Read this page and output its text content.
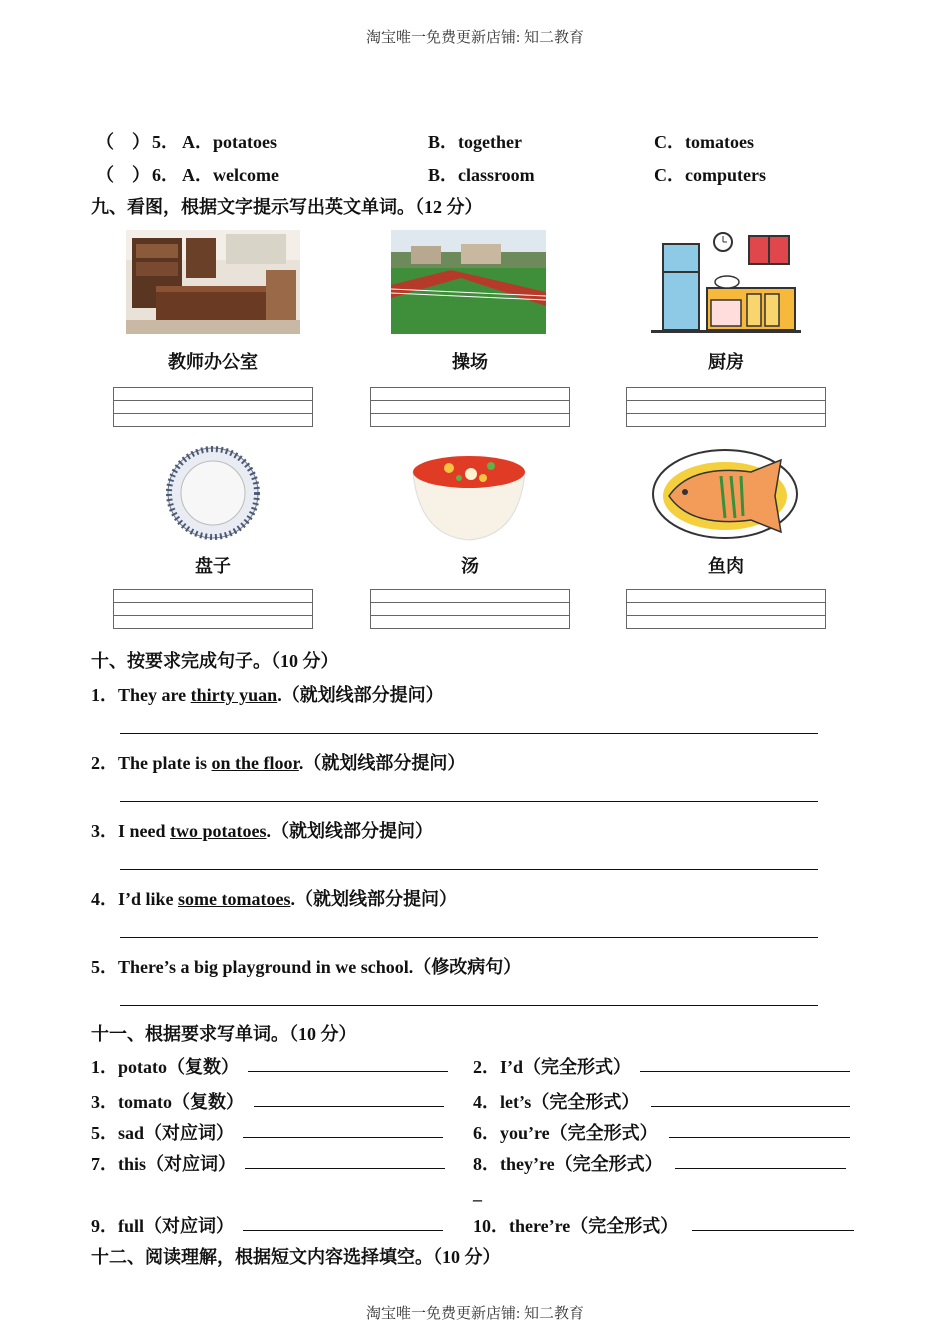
淘宝唯一免费更新店铺: 知二教育
淘宝唯一免费更新店铺: 知二教育
（　） 5． A．potatoes	B．together	C．tomatoes
（　） 6． A．welcome	B．classroom	C．computers
九、看图，根据文字提示写出英文单词。（12 分）
教师办公室	操场	厨房
盘子	汤	鱼肉
十、按要求完成句子。（10 分）
1．They are thirty yuan.（就划线部分提问）
2．The plate is on the floor.（就划线部分提问）
3．I need two potatoes.（就划线部分提问）
4．I’d like some tomatoes.（就划线部分提问）
5．There’s a big playground in we school.（修改病句）
十一、根据要求写单词。（10 分）
1．potato（复数）	2．I’d（完全形式）
3．tomato（复数）	4．let’s（完全形式）
5．sad（对应词）	6．you’re（完全形式）
7．this（对应词）	8．they’re（完全形式）
_
9．full（对应词）	10．there’re（完全形式）
十二、阅读理解，根据短文内容选择填空。（10 分）
